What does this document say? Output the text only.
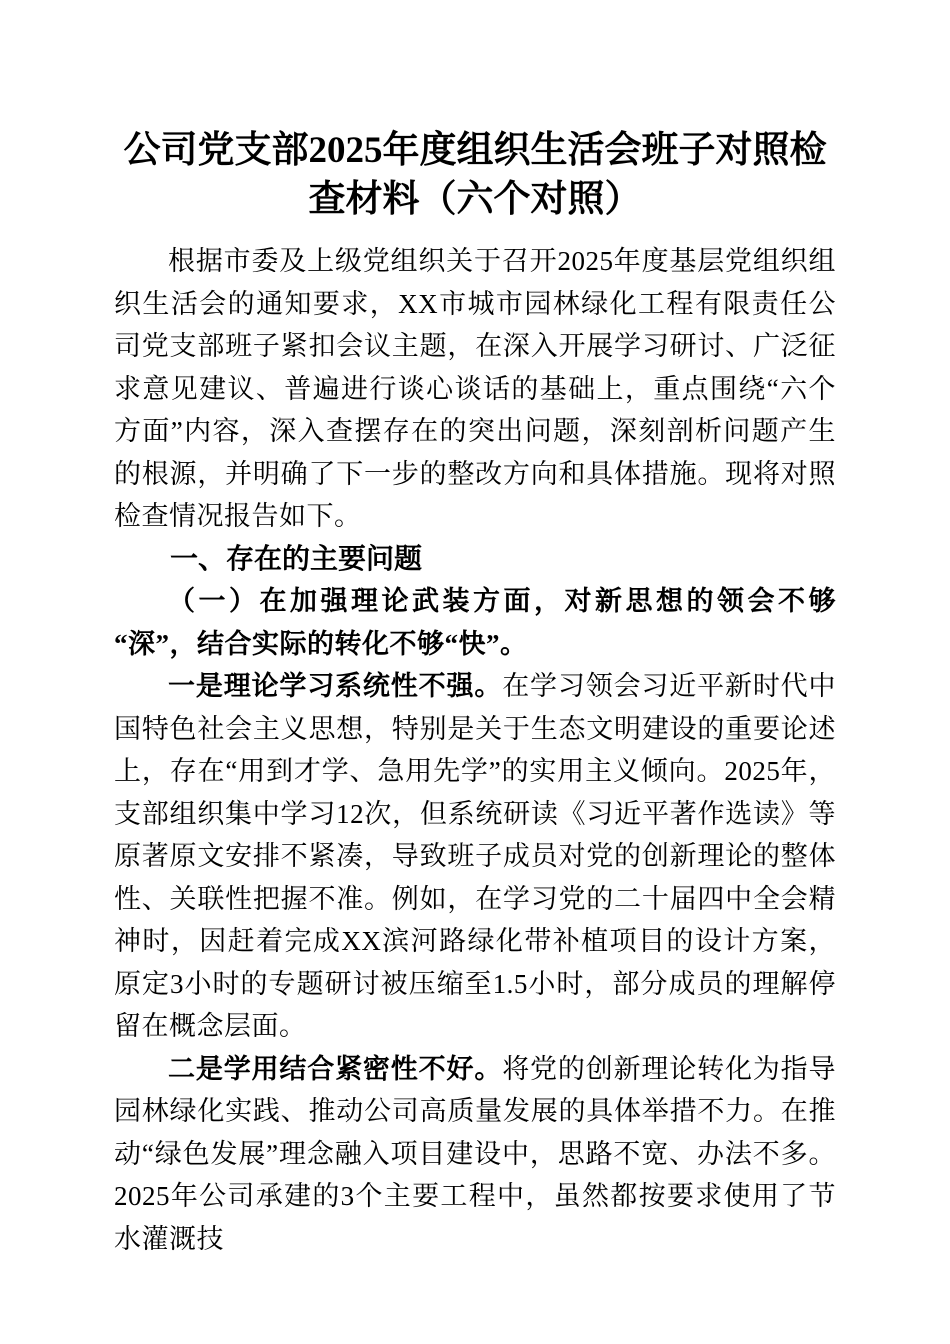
公司党支部2025年度组织生活会班子对照检查材料（六个对照）

根据市委及上级党组织关于召开2025年度基层党组织组织生活会的通知要求，XX市城市园林绿化工程有限责任公司党支部班子紧扣会议主题，在深入开展学习研讨、广泛征求意见建议、普遍进行谈心谈话的基础上，重点围绕“六个方面”内容，深入查摆存在的突出问题，深刻剖析问题产生的根源，并明确了下一步的整改方向和具体措施。现将对照检查情况报告如下。

一、存在的主要问题
（一）在加强理论武装方面，对新思想的领会不够“深”，结合实际的转化不够“快”。

一是理论学习系统性不强。在学习领会习近平新时代中国特色社会主义思想，特别是关于生态文明建设的重要论述上，存在“用到才学、急用先学”的实用主义倾向。2025年，支部组织集中学习12次，但系统研读《习近平著作选读》等原著原文安排不紧凑，导致班子成员对党的创新理论的整体性、关联性把握不准。例如，在学习党的二十届四中全会精神时，因赶着完成XX滨河路绿化带补植项目的设计方案，原定3小时的专题研讨被压缩至1.5小时，部分成员的理解停留在概念层面。

二是学用结合紧密性不好。将党的创新理论转化为指导园林绿化实践、推动公司高质量发展的具体举措不力。在推动“绿色发展”理念融入项目建设中，思路不宽、办法不多。2025年公司承建的3个主要工程中，虽然都按要求使用了节水灌溉技
